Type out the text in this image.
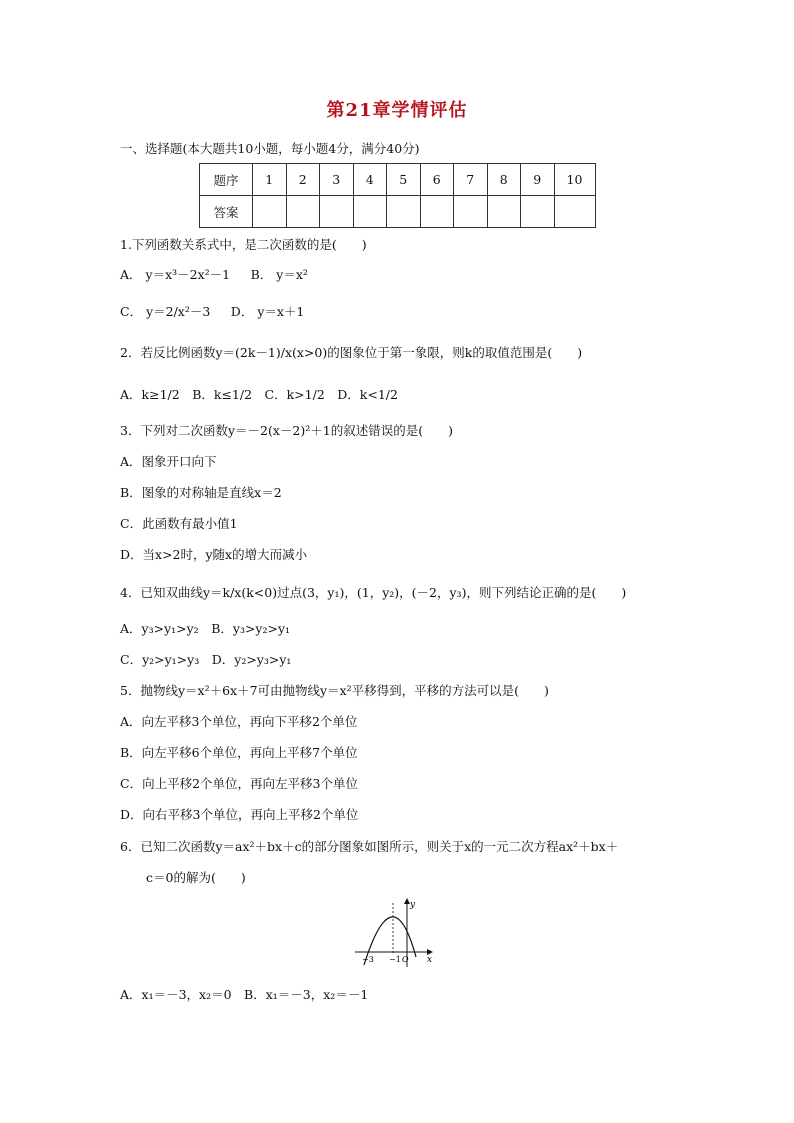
第21章学情评估
一、选择题(本大题共10小题，每小题4分，满分40分)
题序	1	2	3	4	5	6	7	8	9	10
答案										
1.下列函数关系式中，是二次函数的是(　　)
A． y＝x³－2x²－1 　 B． y＝x²
C． y＝2/x²－3 　 D． y＝x＋1
2．若反比例函数y＝(2k－1)/x(x>0)的图象位于第一象限，则k的取值范围是(　　)
A．k≥1/2　B．k≤1/2　C．k>1/2　D．k<1/2
3．下列对二次函数y＝－2(x－2)²＋1的叙述错误的是(　　)
A．图象开口向下
B．图象的对称轴是直线x＝2
C．此函数有最小值1
D．当x>2时，y随x的增大而减小
4．已知双曲线y＝k/x(k<0)过点(3，y₁)，(1，y₂)，(－2，y₃)，则下列结论正确的是(　　)
A．y₃>y₁>y₂　B．y₃>y₂>y₁
C．y₂>y₁>y₃　D．y₂>y₃>y₁
5．抛物线y＝x²＋6x＋7可由抛物线y＝x²平移得到，平移的方法可以是(　　)
A．向左平移3个单位，再向下平移2个单位
B．向左平移6个单位，再向上平移7个单位
C．向上平移2个单位，再向左平移3个单位
D．向右平移3个单位，再向上平移2个单位
6．已知二次函数y＝ax²＋bx＋c的部分图象如图所示，则关于x的一元二次方程ax²＋bx＋
c＝0的解为(　　)
y
x
−3 −1 O
A．x₁＝－3，x₂＝0　B．x₁＝－3，x₂＝－1
